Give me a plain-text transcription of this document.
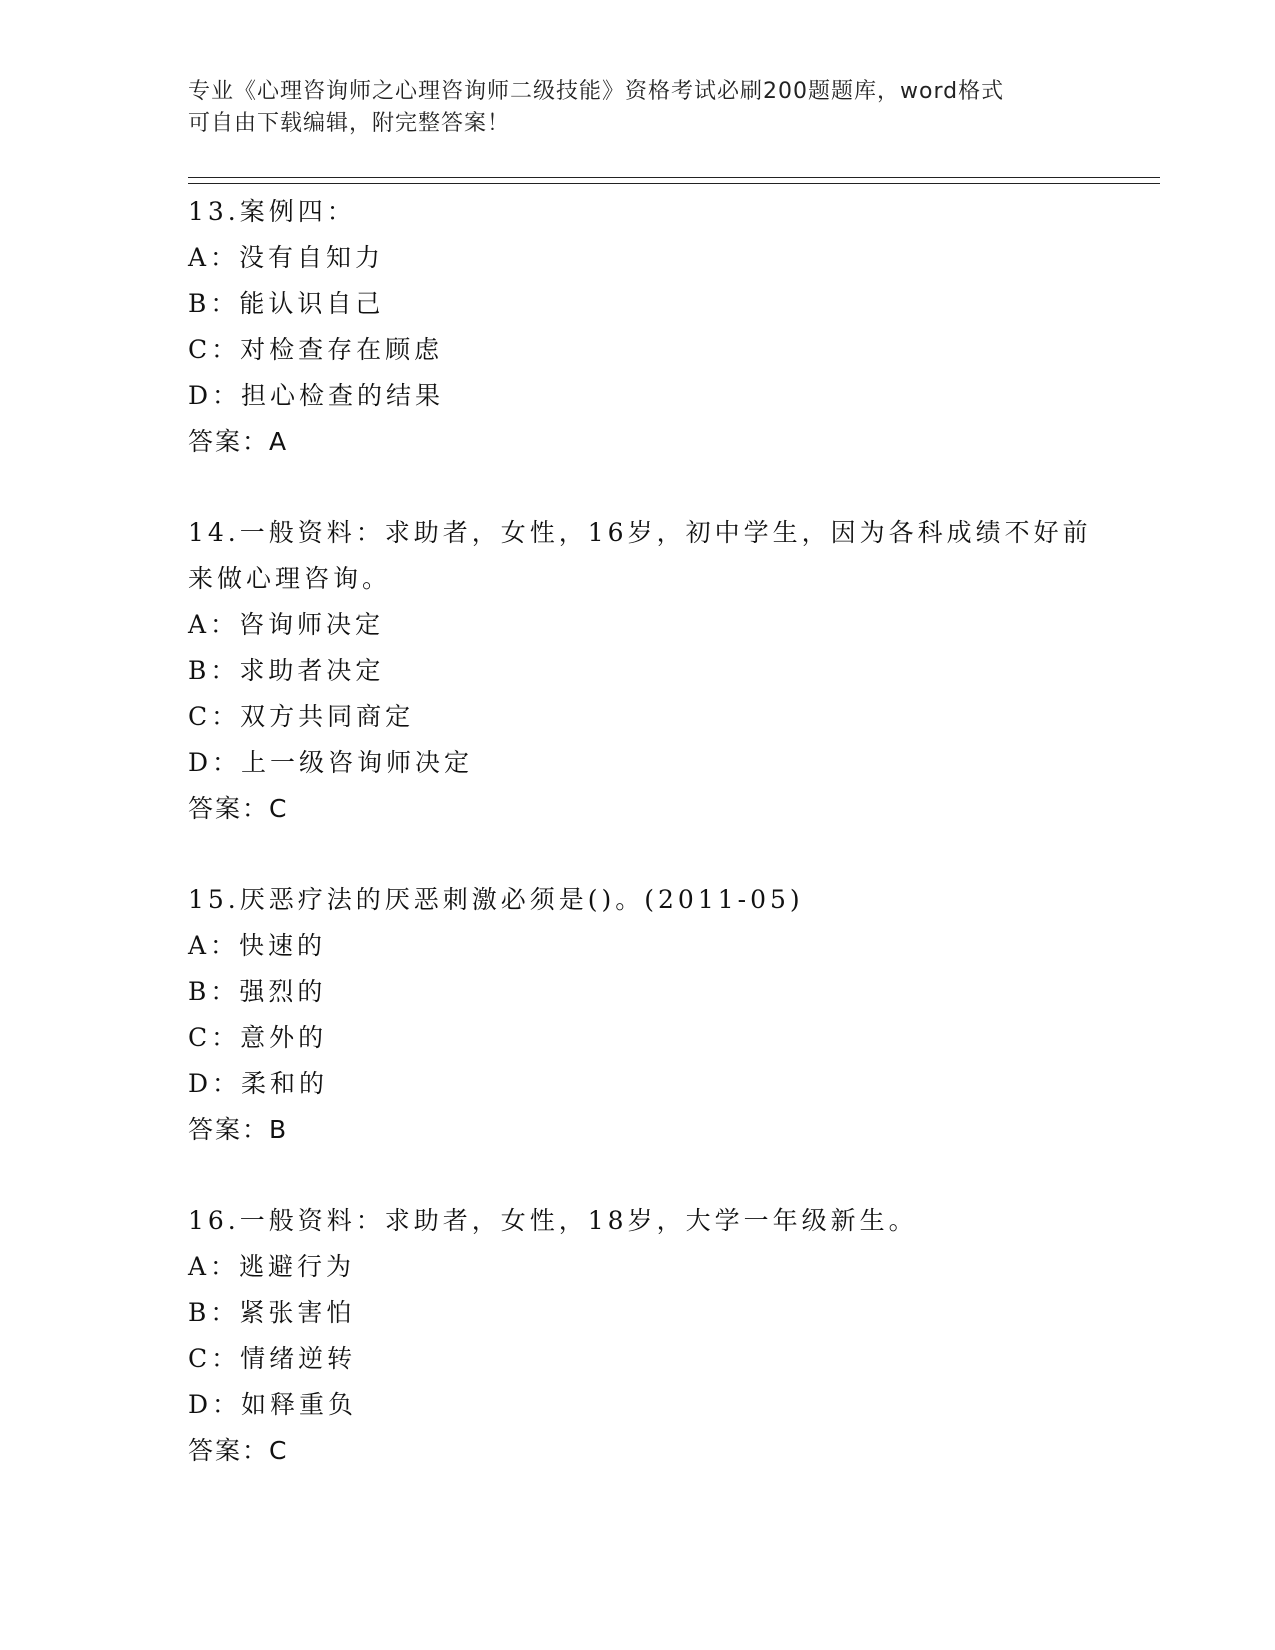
专业《心理咨询师之心理咨询师二级技能》资格考试必刷200题题库，word格式
可自由下载编辑，附完整答案！
13.案例四：
A：没有自知力
B：能认识自己
C：对检查存在顾虑
D：担心检查的结果
答案：A
14.一般资料：求助者，女性，16岁，初中学生，因为各科成绩不好前
来做心理咨询。
A：咨询师决定
B：求助者决定
C：双方共同商定
D：上一级咨询师决定
答案：C
15.厌恶疗法的厌恶刺激必须是()。(2011-05)
A：快速的
B：强烈的
C：意外的
D：柔和的
答案：B
16.一般资料：求助者，女性，18岁，大学一年级新生。
A：逃避行为
B：紧张害怕
C：情绪逆转
D：如释重负
答案：C
